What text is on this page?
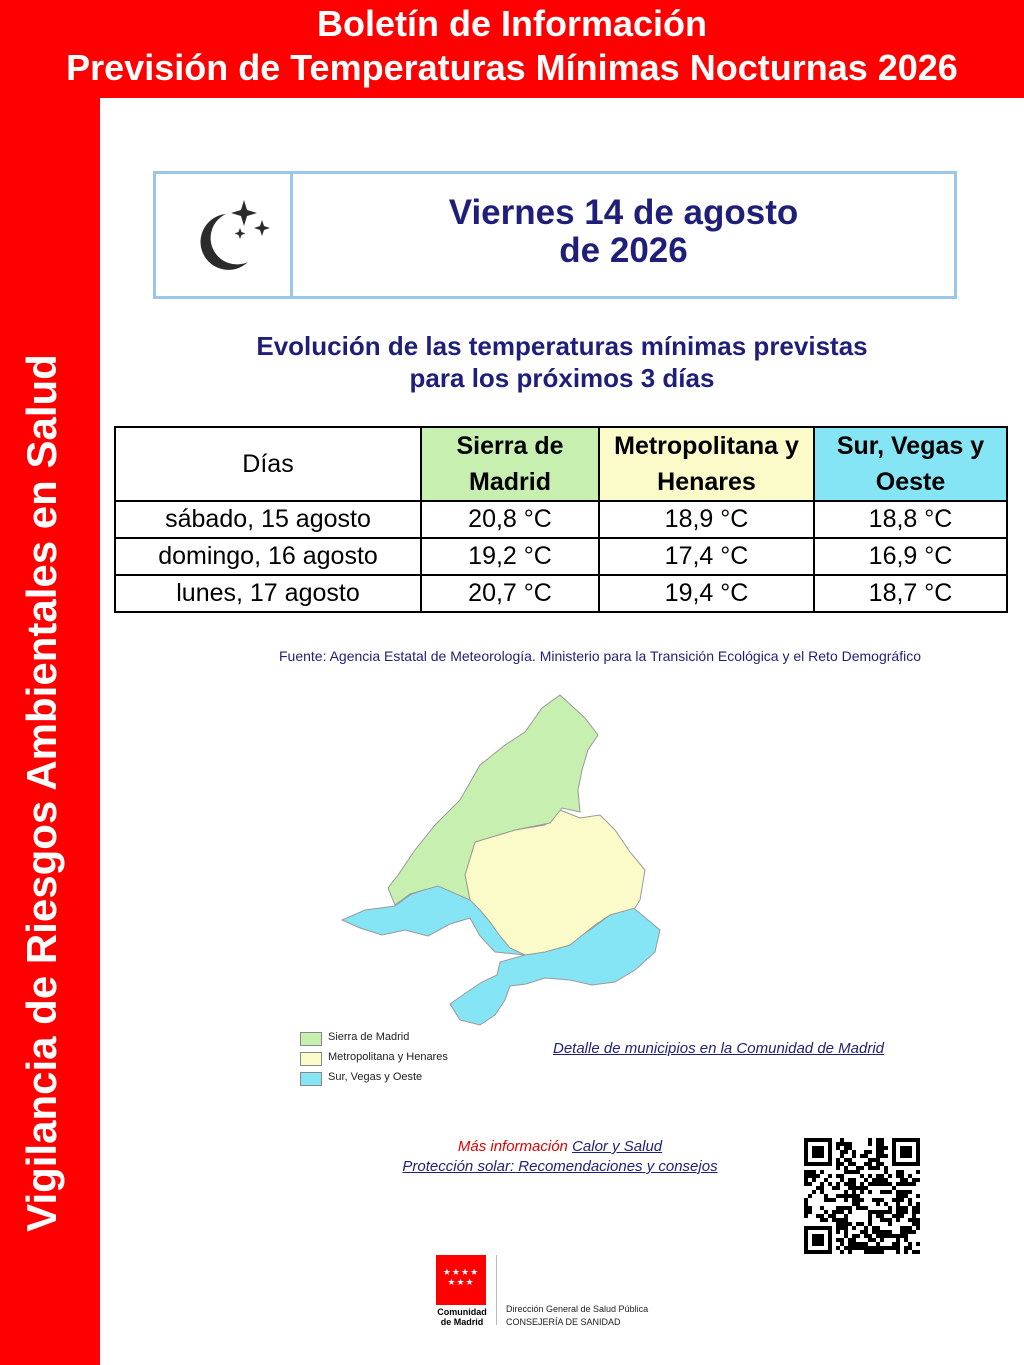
Boletín de Información
Previsión de Temperaturas Mínimas Nocturnas 2026
Vigilancia de Riesgos Ambientales en Salud
Viernes 14 de agosto
de 2026
Evolución de las temperaturas mínimas previstas
para los próximos 3 días
Días	Sierra de Madrid	Metropolitana y Henares	Sur, Vegas y Oeste
sábado, 15 agosto	20,8 °C	18,9 °C	18,8 °C
domingo, 16 agosto	19,2 °C	17,4 °C	16,9 °C
lunes, 17 agosto	20,7 °C	19,4 °C	18,7 °C
Fuente: Agencia Estatal de Meteorología. Ministerio para la Transición Ecológica y el Reto Demográfico
Sierra de Madrid
Metropolitana y Henares
Sur, Vegas y Oeste
Detalle de municipios en la Comunidad de Madrid
Más información Calor y Salud
Protección solar: Recomendaciones y consejos
★★★★
★★★
Comunidad
de Madrid
Dirección General de Salud Pública
CONSEJERÍA DE SANIDAD
